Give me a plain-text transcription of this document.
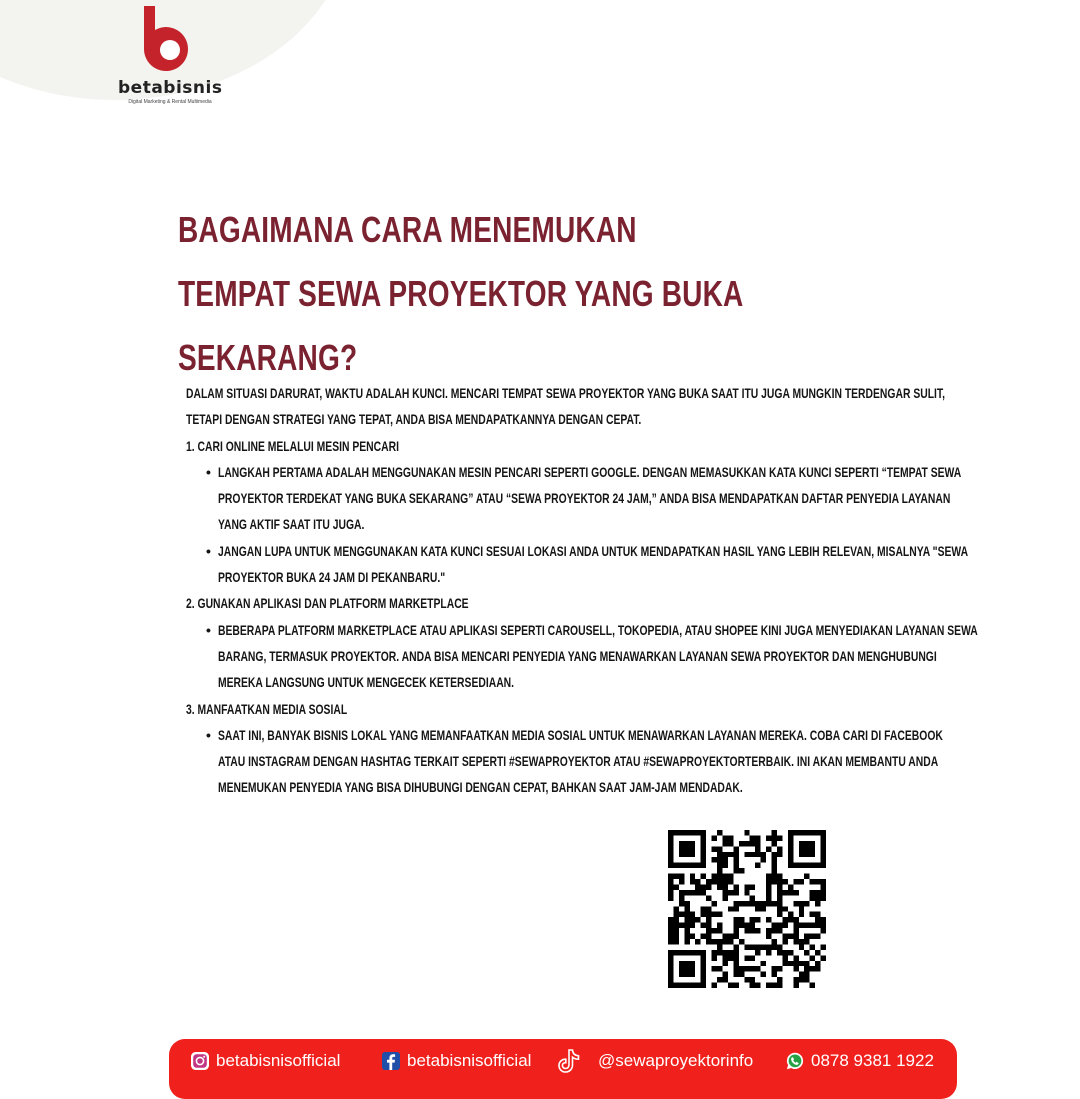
betabisnis
Digital Marketing & Rental Multimedia
BAGAIMANA CARA MENEMUKAN
TEMPAT SEWA PROYEKTOR YANG BUKA
SEKARANG?
DALAM SITUASI DARURAT, WAKTU ADALAH KUNCI. MENCARI TEMPAT SEWA PROYEKTOR YANG BUKA SAAT ITU JUGA MUNGKIN TERDENGAR SULIT,
TETAPI DENGAN STRATEGI YANG TEPAT, ANDA BISA MENDAPATKANNYA DENGAN CEPAT.
1. CARI ONLINE MELALUI MESIN PENCARI
• LANGKAH PERTAMA ADALAH MENGGUNAKAN MESIN PENCARI SEPERTI GOOGLE. DENGAN MEMASUKKAN KATA KUNCI SEPERTI “TEMPAT SEWA
PROYEKTOR TERDEKAT YANG BUKA SEKARANG” ATAU “SEWA PROYEKTOR 24 JAM,” ANDA BISA MENDAPATKAN DAFTAR PENYEDIA LAYANAN
YANG AKTIF SAAT ITU JUGA.
• JANGAN LUPA UNTUK MENGGUNAKAN KATA KUNCI SESUAI LOKASI ANDA UNTUK MENDAPATKAN HASIL YANG LEBIH RELEVAN, MISALNYA "SEWA
PROYEKTOR BUKA 24 JAM DI PEKANBARU."
2. GUNAKAN APLIKASI DAN PLATFORM MARKETPLACE
• BEBERAPA PLATFORM MARKETPLACE ATAU APLIKASI SEPERTI CAROUSELL, TOKOPEDIA, ATAU SHOPEE KINI JUGA MENYEDIAKAN LAYANAN SEWA
BARANG, TERMASUK PROYEKTOR. ANDA BISA MENCARI PENYEDIA YANG MENAWARKAN LAYANAN SEWA PROYEKTOR DAN MENGHUBUNGI
MEREKA LANGSUNG UNTUK MENGECEK KETERSEDIAAN.
3. MANFAATKAN MEDIA SOSIAL
• SAAT INI, BANYAK BISNIS LOKAL YANG MEMANFAATKAN MEDIA SOSIAL UNTUK MENAWARKAN LAYANAN MEREKA. COBA CARI DI FACEBOOK
ATAU INSTAGRAM DENGAN HASHTAG TERKAIT SEPERTI #SEWAPROYEKTOR ATAU #SEWAPROYEKTORTERBAIK. INI AKAN MEMBANTU ANDA
MENEMUKAN PENYEDIA YANG BISA DIHUBUNGI DENGAN CEPAT, BAHKAN SAAT JAM-JAM MENDADAK.
betabisnisofficial	betabisnisofficial	@sewaproyektorinfo	0878 9381 1922
